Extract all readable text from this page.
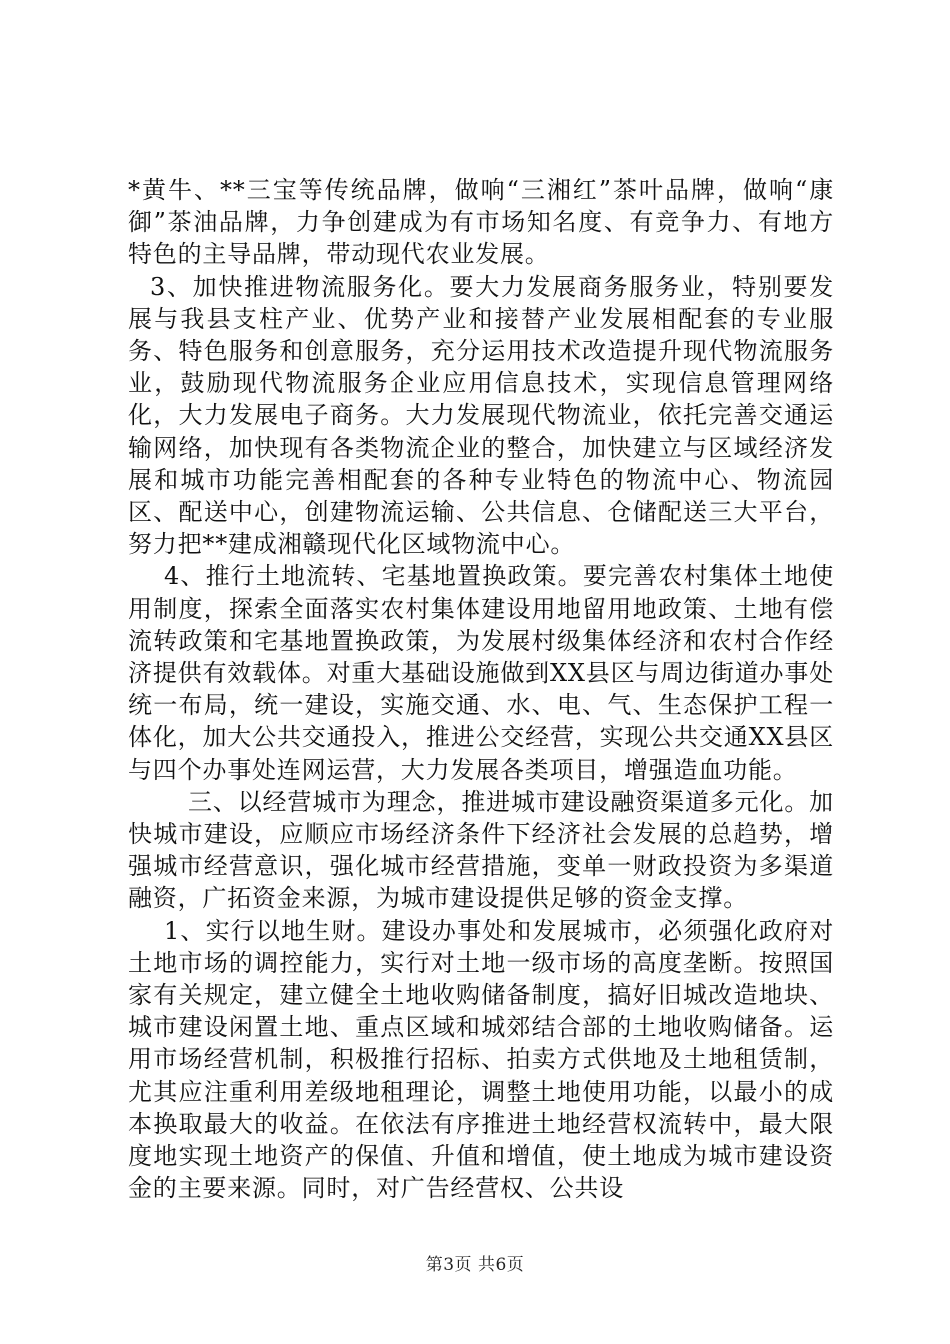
*黄牛、**三宝等传统品牌，做响“三湘红”茶叶品牌，做响“康御”茶油品牌，力争创建成为有市场知名度、有竞争力、有地方特色的主导品牌，带动现代农业发展。

3、加快推进物流服务化。要大力发展商务服务业，特别要发展与我县支柱产业、优势产业和接替产业发展相配套的专业服务、特色服务和创意服务，充分运用技术改造提升现代物流服务业，鼓励现代物流服务企业应用信息技术，实现信息管理网络化，大力发展电子商务。大力发展现代物流业，依托完善交通运输网络，加快现有各类物流企业的整合，加快建立与区域经济发展和城市功能完善相配套的各种专业特色的物流中心、物流园区、配送中心，创建物流运输、公共信息、仓储配送三大平台，努力把**建成湘赣现代化区域物流中心。

4、推行土地流转、宅基地置换政策。要完善农村集体土地使用制度，探索全面落实农村集体建设用地留用地政策、土地有偿流转政策和宅基地置换政策，为发展村级集体经济和农村合作经济提供有效载体。对重大基础设施做到XX县区与周边街道办事处统一布局，统一建设，实施交通、水、电、气、生态保护工程一体化，加大公共交通投入，推进公交经营，实现公共交通XX县区与四个办事处连网运营，大力发展各类项目，增强造血功能。

三、以经营城市为理念，推进城市建设融资渠道多元化。加快城市建设，应顺应市场经济条件下经济社会发展的总趋势，增强城市经营意识，强化城市经营措施，变单一财政投资为多渠道融资，广拓资金来源，为城市建设提供足够的资金支撑。

1、实行以地生财。建设办事处和发展城市，必须强化政府对土地市场的调控能力，实行对土地一级市场的高度垄断。按照国家有关规定，建立健全土地收购储备制度，搞好旧城改造地块、城市建设闲置土地、重点区域和城郊结合部的土地收购储备。运用市场经营机制，积极推行招标、拍卖方式供地及土地租赁制，尤其应注重利用差级地租理论，调整土地使用功能，以最小的成本换取最大的收益。在依法有序推进土地经营权流转中，最大限度地实现土地资产的保值、升值和增值，使土地成为城市建设资金的主要来源。同时，对广告经营权、公共设

第3页 共6页
